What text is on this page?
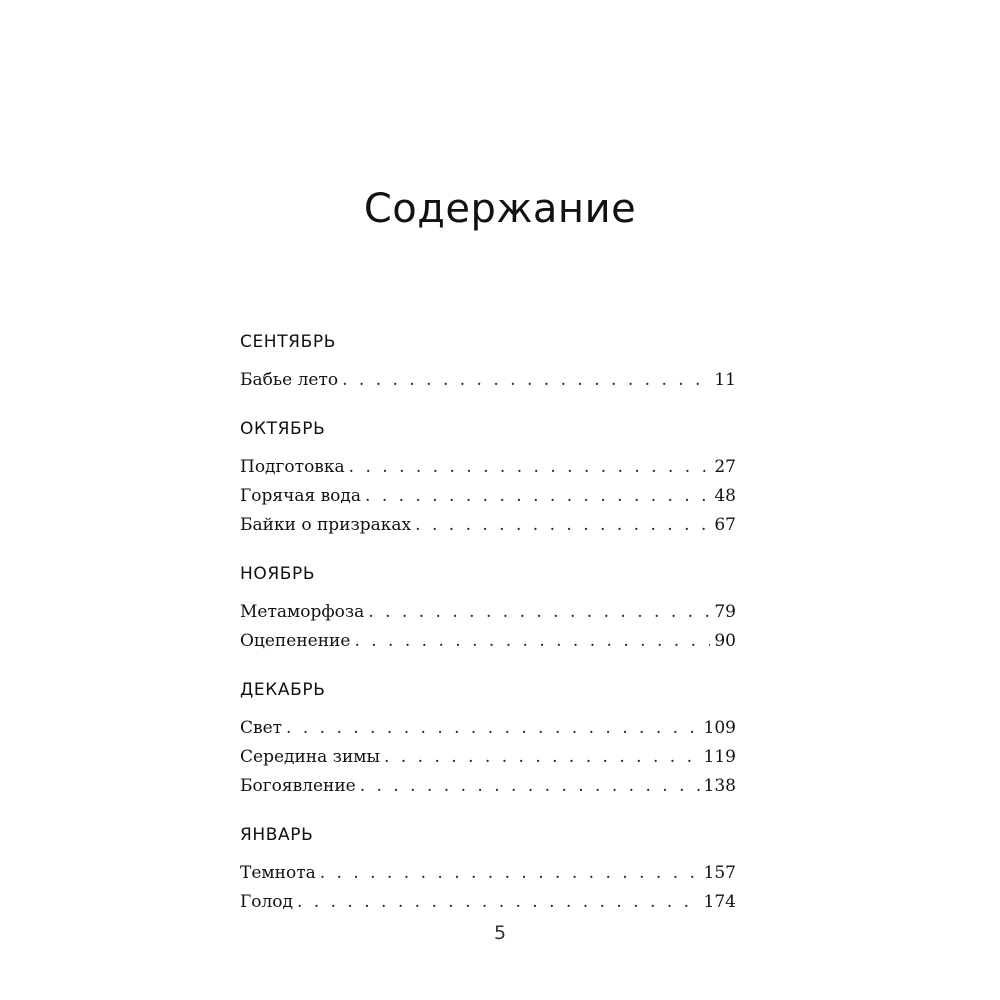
Содержание
СЕНТЯБРЬ
Бабье лето . . .	11
ОКТЯБРЬ
Подготовка . . .	27
Горячая вода . . .	48
Байки о призраках . . .	67
НОЯБРЬ
Метаморфоза . . .	79
Оцепенение . . .	90
ДЕКАБРЬ
Свет . . .	109
Середина зимы . . .	119
Богоявление . . .	138
ЯНВАРЬ
Темнота . . .	157
Голод . . .	174
5
